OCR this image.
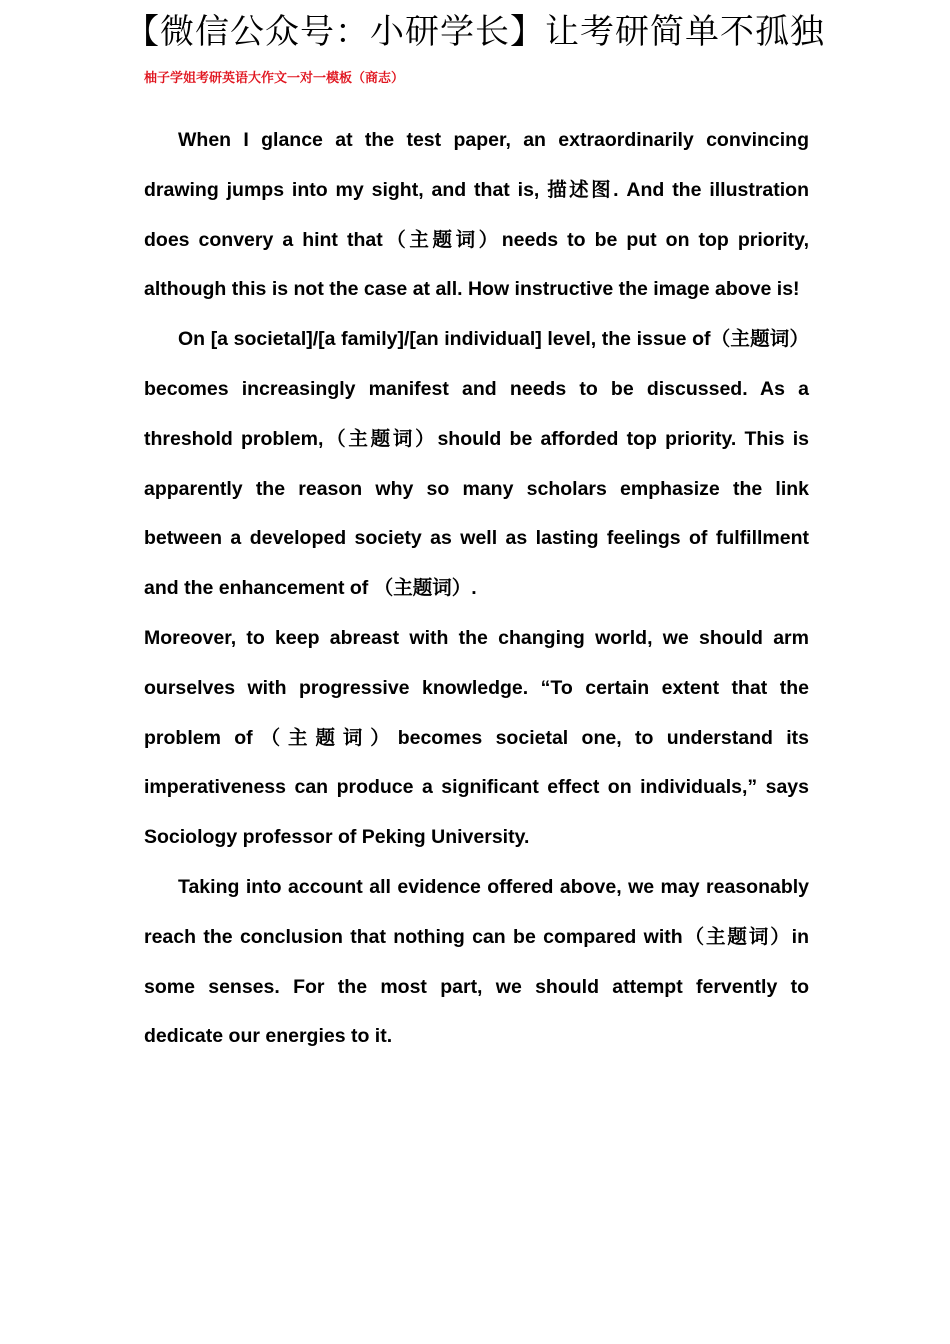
【微信公众号：小研学长】让考研简单不孤独
柚子学姐考研英语大作文一对一模板（商志）

When I glance at the test paper, an extraordinarily convincing drawing jumps into my sight, and that is, 描述图. And the illustration does convery a hint that（主题词）needs to be put on top priority, although this is not the case at all. How instructive the image above is!

On [a societal]/[a family]/[an individual] level, the issue of（主题词）becomes increasingly manifest and needs to be discussed. As a threshold problem,（主题词）should be afforded top priority. This is apparently the reason why so many scholars emphasize the link between a developed society as well as lasting feelings of fulfillment and the enhancement of （主题词）.

Moreover, to keep abreast with the changing world, we should arm ourselves with progressive knowledge. “To certain extent that the problem of（主题词）becomes societal one, to understand its imperativeness can produce a significant effect on individuals,” says Sociology professor of Peking University.

Taking into account all evidence offered above, we may reasonably reach the conclusion that nothing can be compared with（主题词）in some senses. For the most part, we should attempt fervently to dedicate our energies to it.
